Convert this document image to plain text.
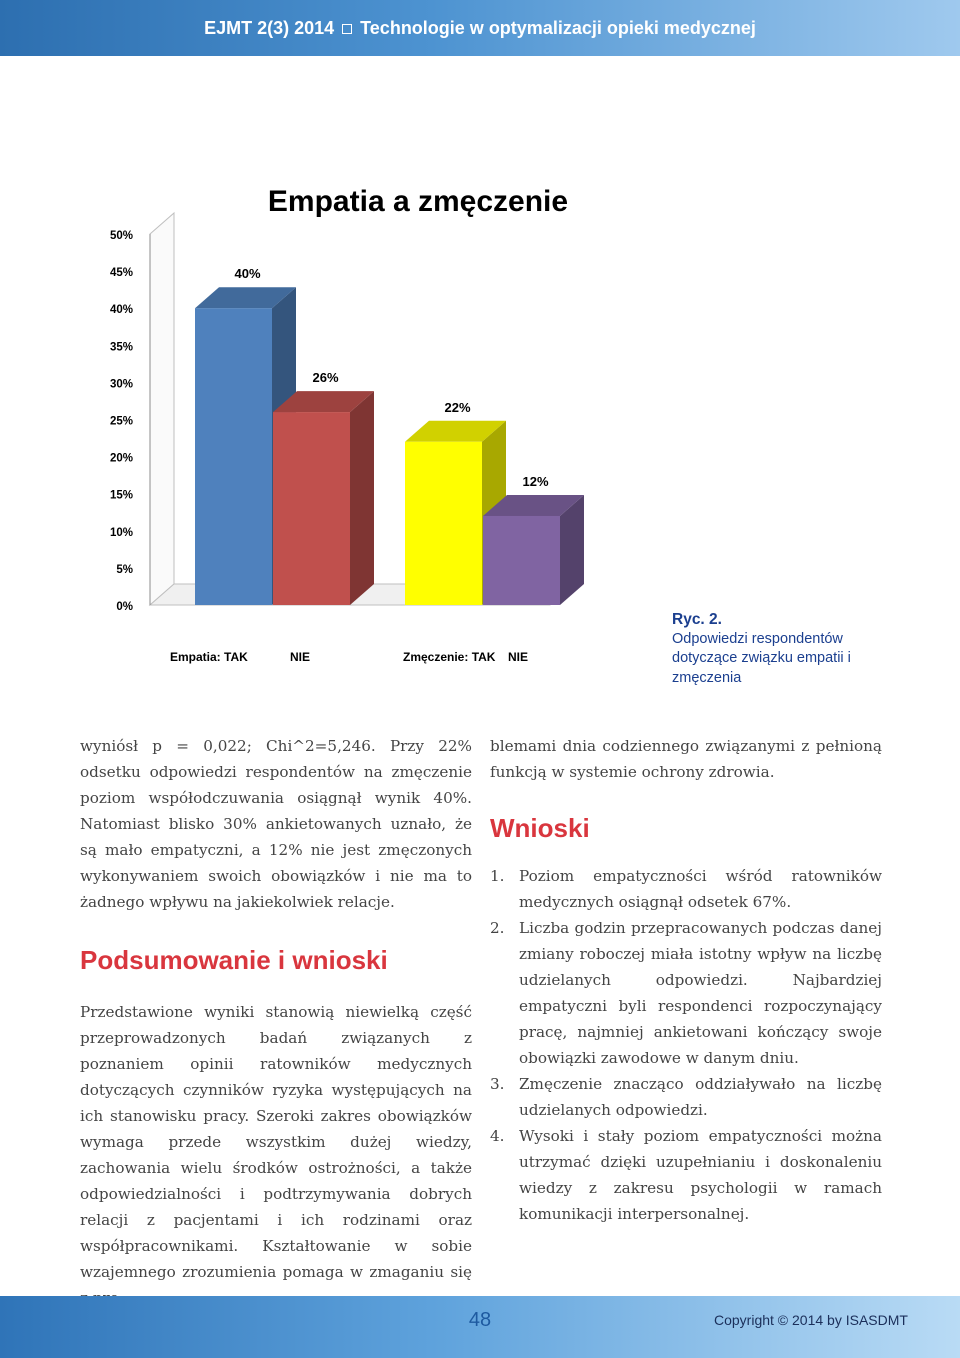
EJMT 2(3) 2014 Technologie w optymalizacji opieki medycznej
Empatia a zmęczenie
40%
26%
22%
12%
0%
5%
10%
15%
20%
25%
30%
35%
40%
45%
50%
Empatia: TAK	NIE	Zmęczenie: TAK NIE
Ryc. 2.
Odpowiedzi respondentów dotyczące związku empatii i zmęczenia

wyniósł p = 0,022; Chi^2=5,246. Przy 22% odsetku odpowiedzi respondentów na zmęczenie poziom współodczuwania osiągnął wynik 40%. Natomiast blisko 30% ankietowanych uznało, że są mało empatyczni, a 12% nie jest zmęczonych wykonywaniem swoich obowiązków i nie ma to żadnego wpływu na jakiekolwiek relacje.

Podsumowanie i wnioski

Przedstawione wyniki stanowią niewielką część przeprowadzonych badań związanych z poznaniem opinii ratowników medycznych dotyczących czynników ryzyka występujących na ich stanowisku pracy. Szeroki zakres obowiązków wymaga przede wszystkim dużej wiedzy, zachowania wielu środków ostrożności, a także odpowiedzialności i podtrzymywania dobrych relacji z pacjentami i ich rodzinami oraz współpracownikami. Kształtowanie w sobie wzajemnego zrozumienia pomaga w zmaganiu się

blemami dnia codziennego związanymi z pełnioną funkcją w systemie ochrony zdrowia.

Wnioski
1. Poziom empatyczności wśród ratowników medycznych osiągnął odsetek 67%.
2. Liczba godzin przepracowanych podczas danej zmiany roboczej miała istotny wpływ na liczbę udzielanych odpowiedzi. Najbardziej empatyczni byli respondenci rozpoczynający pracę, najmniej ankietowani kończący swoje obowiązki zawodowe w danym dniu.
3. Zmęczenie znacząco oddziaływało na liczbę udzielanych odpowiedzi.
4. Wysoki i stały poziom empatyczności można utrzymać dzięki uzupełnianiu i doskonaleniu wiedzy z zakresu psychologii w ramach komunikacji interpersonalnej.
48	Copyright © 2014 by ISASDMT
